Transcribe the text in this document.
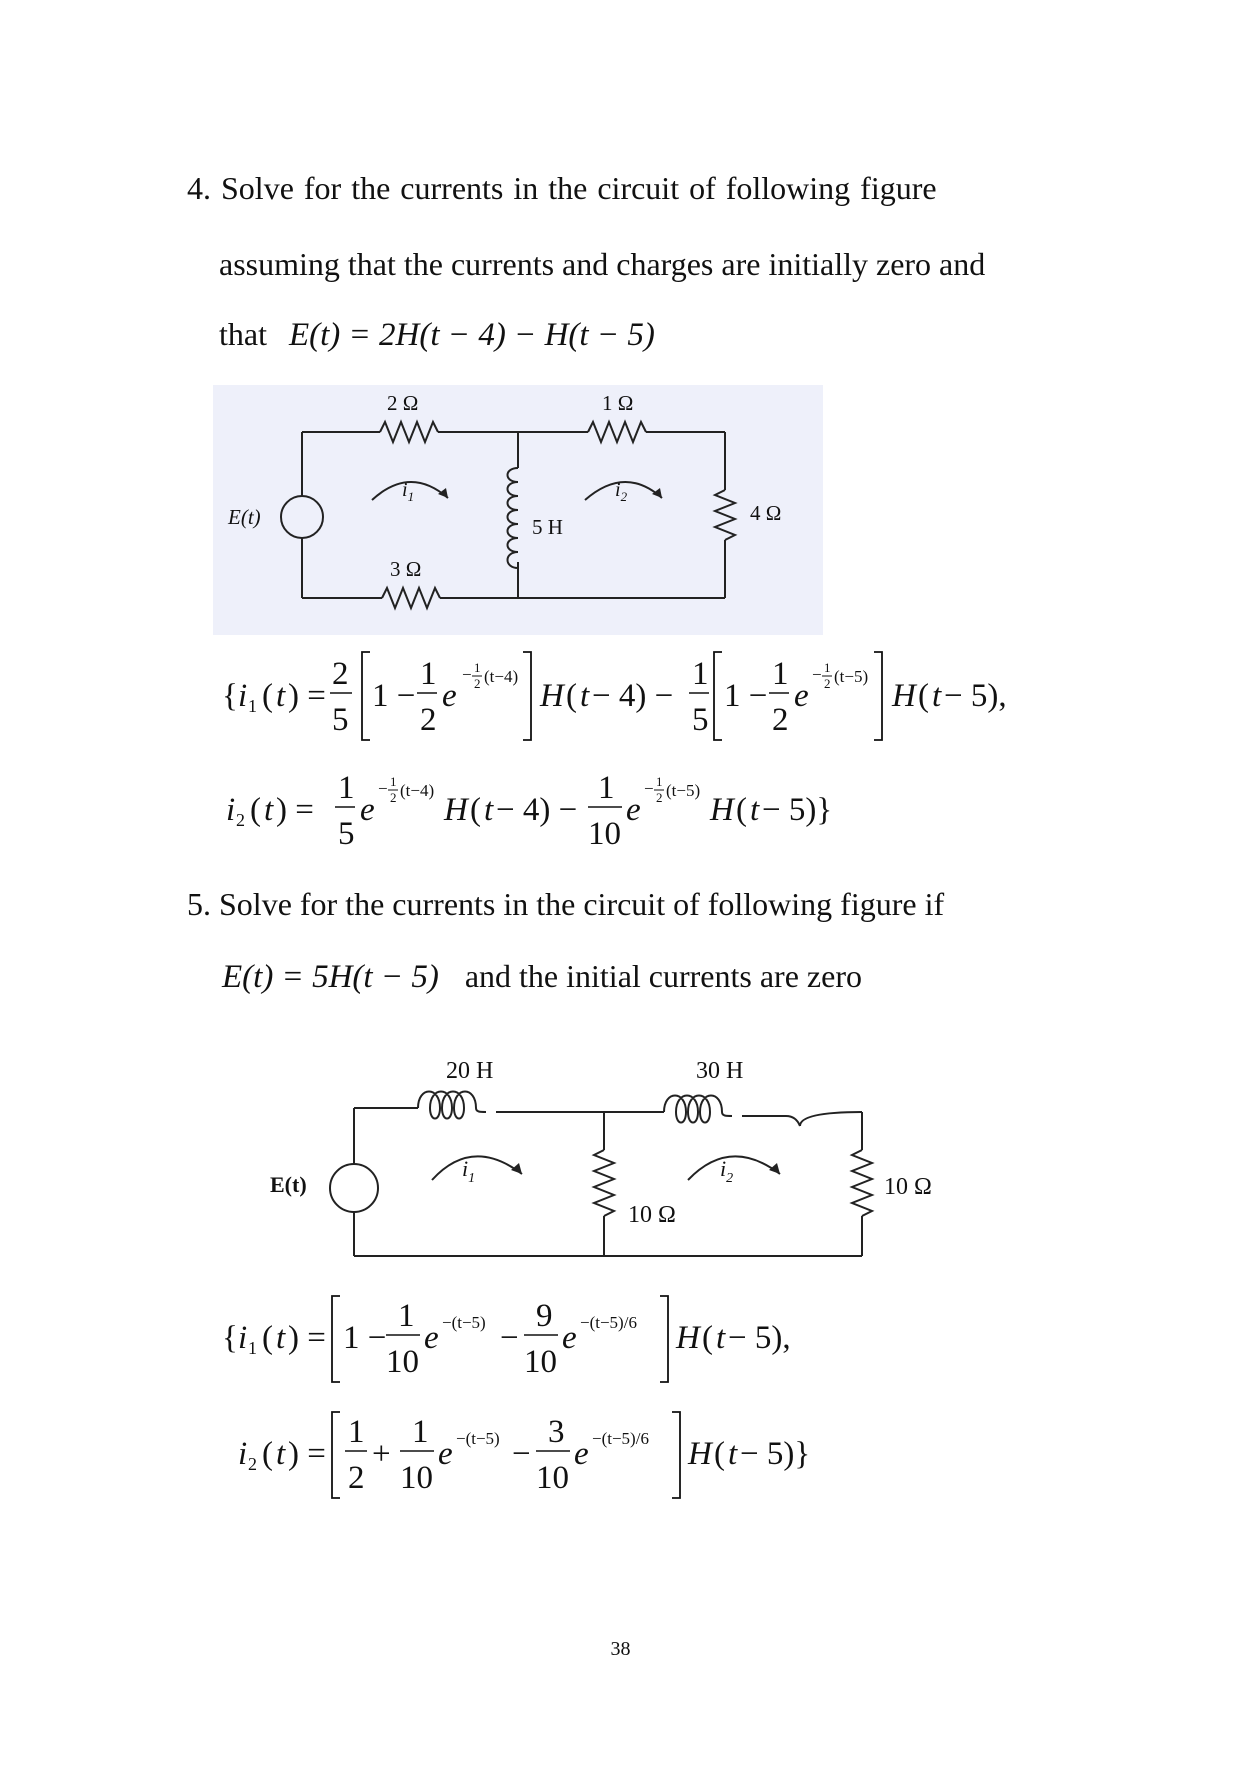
4. Solve for the currents in the circuit of following figure
assuming that the currents and charges are initially zero and
that E(t) = 2H(t − 4) − H(t − 5)
E(t)
2 Ω	1 Ω
3 Ω
5 H
4 Ω
$i_1$	$i_2$
{ i 1 ( t ) =
2
5
1 −
1
2
e
− 1
2 (t−4)
H ( t − 4) −
1
5
1 −
1
2
e
− 1
2 (t−5)
H ( t − 5),
i 2 ( t ) =
1
5
e
− 1
2 (t−4)
H ( t − 4) −
1
10
e
− 1
2 (t−5)
H ( t − 5)}
5. Solve for the currents in the circuit of following figure if
E(t) = 5H(t − 5) and the initial currents are zero
E(t)
20 H	30 H
10 Ω
10 Ω
$i_1$	$i_2$
{ i 1 ( t ) = 1 −
1
10
e −(t−5) −
9
10
e −(t−5)/6 H ( t − 5),
i 2 ( t ) =
1
2
+
1
10
e −(t−5) −
3
10
e −(t−5)/6 H ( t − 5)}
38
